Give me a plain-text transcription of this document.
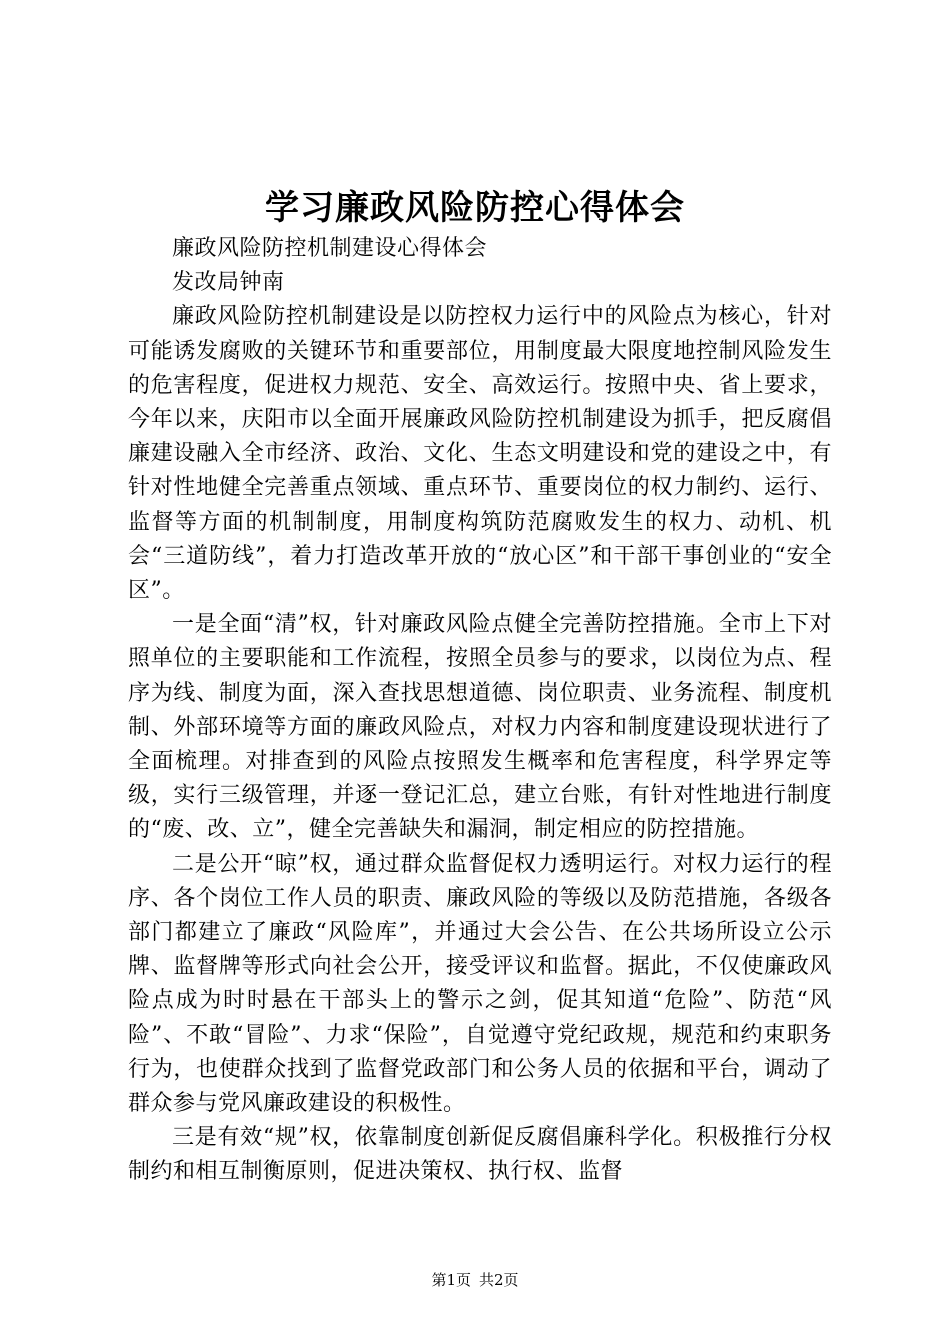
学习廉政风险防控心得体会

廉政风险防控机制建设心得体会

发改局钟南

廉政风险防控机制建设是以防控权力运行中的风险点为核心，针对可能诱发腐败的关键环节和重要部位，用制度最大限度地控制风险发生的危害程度，促进权力规范、安全、高效运行。按照中央、省上要求，今年以来，庆阳市以全面开展廉政风险防控机制建设为抓手，把反腐倡廉建设融入全市经济、政治、文化、生态文明建设和党的建设之中，有针对性地健全完善重点领域、重点环节、重要岗位的权力制约、运行、监督等方面的机制制度，用制度构筑防范腐败发生的权力、动机、机会“三道防线”，着力打造改革开放的“放心区”和干部干事创业的“安全区”。

一是全面“清”权，针对廉政风险点健全完善防控措施。全市上下对照单位的主要职能和工作流程，按照全员参与的要求，以岗位为点、程序为线、制度为面，深入查找思想道德、岗位职责、业务流程、制度机制、外部环境等方面的廉政风险点，对权力内容和制度建设现状进行了全面梳理。对排查到的风险点按照发生概率和危害程度，科学界定等级，实行三级管理，并逐一登记汇总，建立台账，有针对性地进行制度的“废、改、立”，健全完善缺失和漏洞，制定相应的防控措施。

二是公开“晾”权，通过群众监督促权力透明运行。对权力运行的程序、各个岗位工作人员的职责、廉政风险的等级以及防范措施，各级各部门都建立了廉政“风险库”，并通过大会公告、在公共场所设立公示牌、监督牌等形式向社会公开，接受评议和监督。据此，不仅使廉政风险点成为时时悬在干部头上的警示之剑，促其知道“危险”、防范“风险”、不敢“冒险”、力求“保险”，自觉遵守党纪政规，规范和约束职务行为，也使群众找到了监督党政部门和公务人员的依据和平台，调动了群众参与党风廉政建设的积极性。

三是有效“规”权，依靠制度创新促反腐倡廉科学化。积极推行分权制约和相互制衡原则，促进决策权、执行权、监督

第1页 共2页
